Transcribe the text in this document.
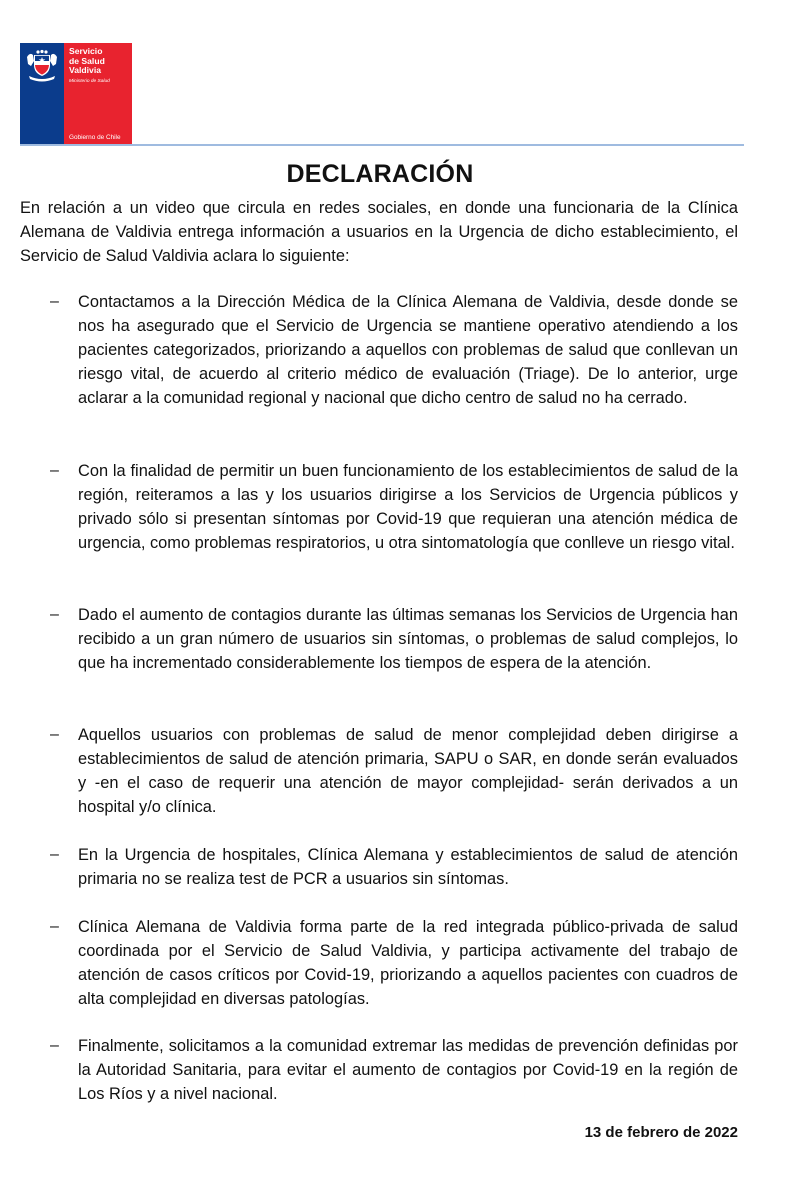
Servicio
de Salud
Valdivia
Ministerio de Salud
Gobierno de Chile
DECLARACIÓN

En relación a un video que circula en redes sociales, en donde una funcionaria de la Clínica Alemana de Valdivia entrega información a usuarios en la Urgencia de dicho establecimiento, el Servicio de Salud Valdivia aclara lo siguiente:

– Contactamos a la Dirección Médica de la Clínica Alemana de Valdivia, desde donde se nos ha asegurado que el Servicio de Urgencia se mantiene operativo atendiendo a los pacientes categorizados, priorizando a aquellos con problemas de salud que conllevan un riesgo vital, de acuerdo al criterio médico de evaluación (Triage). De lo anterior, urge aclarar a la comunidad regional y nacional que dicho centro de salud no ha cerrado.

– Con la finalidad de permitir un buen funcionamiento de los establecimientos de salud de la región, reiteramos a las y los usuarios dirigirse a los Servicios de Urgencia públicos y privado sólo si presentan síntomas por Covid-19 que requieran una atención médica de urgencia, como problemas respiratorios, u otra sintomatología que conlleve un riesgo vital.

– Dado el aumento de contagios durante las últimas semanas los Servicios de Urgencia han recibido a un gran número de usuarios sin síntomas, o problemas de salud complejos, lo que ha incrementado considerablemente los tiempos de espera de la atención.

– Aquellos usuarios con problemas de salud de menor complejidad deben dirigirse a establecimientos de salud de atención primaria, SAPU o SAR, en donde serán evaluados y -en el caso de requerir una atención de mayor complejidad- serán derivados a un hospital y/o clínica.

– En la Urgencia de hospitales, Clínica Alemana y establecimientos de salud de atención primaria no se realiza test de PCR a usuarios sin síntomas.

– Clínica Alemana de Valdivia forma parte de la red integrada público-privada de salud coordinada por el Servicio de Salud Valdivia, y participa activamente del trabajo de atención de casos críticos por Covid-19, priorizando a aquellos pacientes con cuadros de alta complejidad en diversas patologías.

– Finalmente, solicitamos a la comunidad extremar las medidas de prevención definidas por la Autoridad Sanitaria, para evitar el aumento de contagios por Covid-19 en la región de Los Ríos y a nivel nacional.

13 de febrero de 2022
